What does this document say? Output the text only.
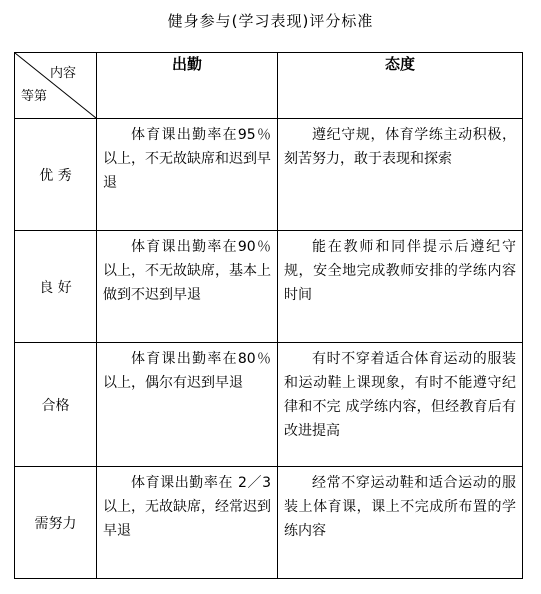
健身参与(学习表现)评分标准
内容
等第	出勤	态度
优 秀	体育课出勤率在95％以上，不无故缺席和迟到早退	遵纪守规，体育学练主动积极，刻苦努力，敢于表现和探索

良 好	体育课出勤率在90％以上，不无故缺席，基本上做到不迟到早退	能在教师和同伴提示后遵纪守规，安全地完成教师安排的学练内容时间

合格	体育课出勤率在80％以上，偶尔有迟到早退	有时不穿着适合体育运动的服装和运动鞋上课现象，有时不能遵守纪律和不完 成学练内容，但经教育后有改进提高

需努力	体育课出勤率在 2／3 以上，无故缺席，经常迟到早退	经常不穿运动鞋和适合运动的服装上体育课，课上不完成所布置的学练内容
